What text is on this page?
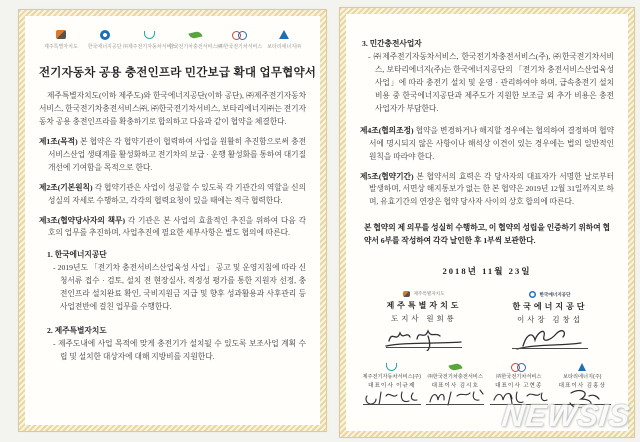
제주특별자치도 한국에너지공단 ㈜제주전기자동차서비스
한국전기차충전서비스㈜
㈜한국전기차서비스 보타리에너지㈜
전기자동차 공용 충전인프라 민간보급 확대 업무협약서

제주특별자치도(이하 제주도)와 한국에너지공단(이하 공단), ㈜제주전기자동차서비스, 한국전기차충전서비스㈜, ㈜한국전기차서비스, 보타리에너지㈜는 전기자동차 공용 충전인프라를 확충하기로 합의하고 다음과 같이 협약을 체결한다.

제1조(목적) 본 협약은 각 협약기관이 협력하여 사업을 원활히 추진함으로써 충전서비스산업 생태계를 활성화하고 전기차의 보급 · 운행 활성화를 통하여 대기질 개선에 기여함을 목적으로 한다.

제2조(기본원칙) 각 협약기관은 사업이 성공할 수 있도록 각 기관간의 역할을 신의성실의 자세로 수행하고, 각각의 협력요청이 있을 때에는 적극 협력한다.

제3조(협약당사자의 책무) 각 기관은 본 사업의 효율적인 추진을 위하여 다음 각 호의 업무를 추진하며, 사업추진에 필요한 세부사항은 별도 협의에 따른다.

1. 한국에너지공단

- 2019년도 「전기차 충전서비스산업육성 사업」 공고 및 운영지침에 따라 신청서류 접수 · 검토, 설치 전 현장실사, 적정성 평가를 통한 지원자 선정, 충전인프라 설치완료 확인, 국비지원금 지급 및 향후 성과활용과 사후관리 등 사업전반에 걸친 업무를 수행한다.

2. 제주특별자치도

- 제주도내에 사업 목적에 맞게 충전기가 설치될 수 있도록 보조사업 계획 수립 및 설치한 대상자에 대해 지방비를 지원한다.

3. 민간충전사업자

- ㈜제주전기자동차서비스, 한국전기차충전서비스(주), ㈜한국전기차서비스, 보타리에너지(주)는 한국에너지공단의 「전기차 충전서비스산업육성 사업」에 따라 충전기 설치 및 운영 · 관리하여야 하며, 급속충전기 설치비용 중 한국에너지공단과 제주도가 지원한 보조금 외 추가 비용은 충전사업자가 부담한다.

제4조(협의조정) 협약을 변경하거나 해지할 경우에는 협의하여 결정하며 협약서에 명시되지 않은 사항이나 해석상 이견이 있는 경우에는 법의 일반적인 원칙을 따라야 한다.

제5조(협약기간) 본 협약서의 효력은 각 당사자의 대표자가 서명한 날로부터 발생하며, 서면상 해지통보가 없는 한 본 협약은 2019년 12월 31일까지로 하며, 유효기간의 연장은 협약 당사자 사이의 상호 합의에 따른다.

본 협약의 제 의무를 성실히 수행하고, 이 협약의 성립을 인증하기 위하여 협약서 6부를 작성하여 각각 날인한 후 1부씩 보관한다.

2018년 11월 23일
제주특별자치도
제주특별자치도
도지사 원희룡
한국에너지공단
한국에너지공단
이사장 김창섭
제주전기자동차서비스(주)
대표이사 이규제
㈜한국전기차충전서비스
대표이사 김시호
㈜한국전기차서비스
대표이사 고현종
보타리에너지(주)
대표이사 김홍상
NEWSIS
